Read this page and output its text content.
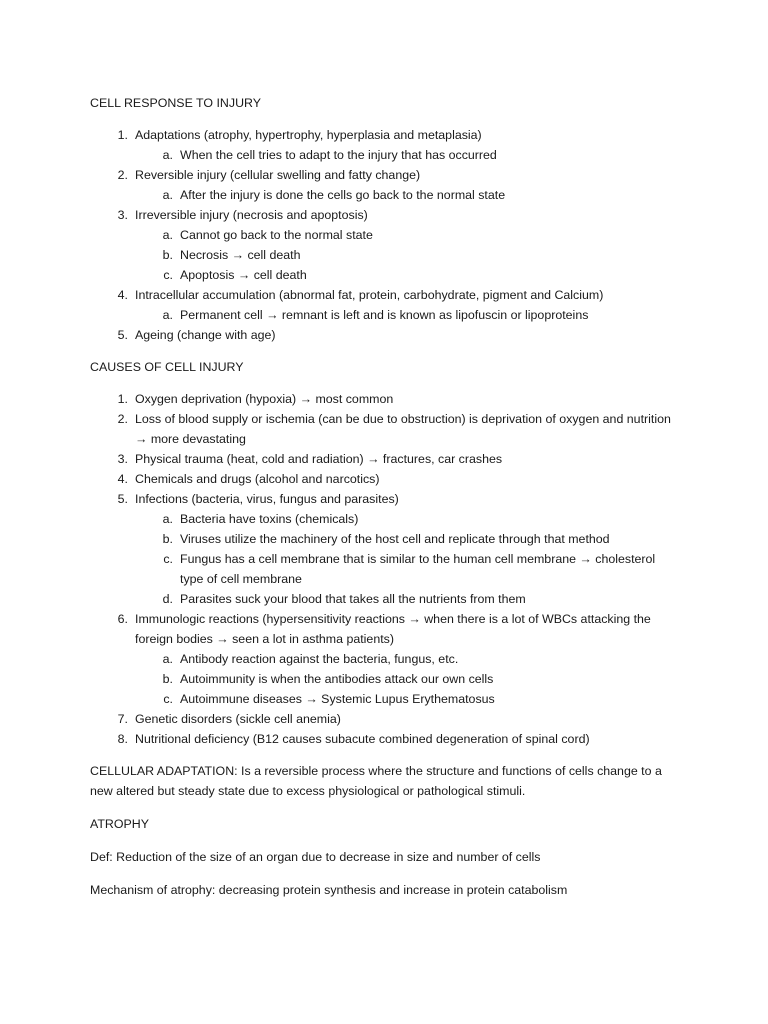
CELL RESPONSE TO INJURY

1. Adaptations (atrophy, hypertrophy, hyperplasia and metaplasia)
a. When the cell tries to adapt to the injury that has occurred
2. Reversible injury (cellular swelling and fatty change)
a. After the injury is done the cells go back to the normal state
3. Irreversible injury (necrosis and apoptosis)
a. Cannot go back to the normal state
b. Necrosis → cell death
c. Apoptosis → cell death
4. Intracellular accumulation (abnormal fat, protein, carbohydrate, pigment and Calcium)
a. Permanent cell → remnant is left and is known as lipofuscin or lipoproteins
5. Ageing (change with age)

CAUSES OF CELL INJURY

1. Oxygen deprivation (hypoxia) → most common
2. Loss of blood supply or ischemia (can be due to obstruction) is deprivation of oxygen and nutrition → more devastating
3. Physical trauma (heat, cold and radiation) → fractures, car crashes
4. Chemicals and drugs (alcohol and narcotics)
5. Infections (bacteria, virus, fungus and parasites)
a. Bacteria have toxins (chemicals)
b. Viruses utilize the machinery of the host cell and replicate through that method
c. Fungus has a cell membrane that is similar to the human cell membrane → cholesterol type of cell membrane
d. Parasites suck your blood that takes all the nutrients from them
6. Immunologic reactions (hypersensitivity reactions → when there is a lot of WBCs attacking the foreign bodies → seen a lot in asthma patients)
a. Antibody reaction against the bacteria, fungus, etc.
b. Autoimmunity is when the antibodies attack our own cells
c. Autoimmune diseases → Systemic Lupus Erythematosus
7. Genetic disorders (sickle cell anemia)
8. Nutritional deficiency (B12 causes subacute combined degeneration of spinal cord)

CELLULAR ADAPTATION: Is a reversible process where the structure and functions of cells change to a new altered but steady state due to excess physiological or pathological stimuli.

ATROPHY

Def: Reduction of the size of an organ due to decrease in size and number of cells

Mechanism of atrophy: decreasing protein synthesis and increase in protein catabolism
